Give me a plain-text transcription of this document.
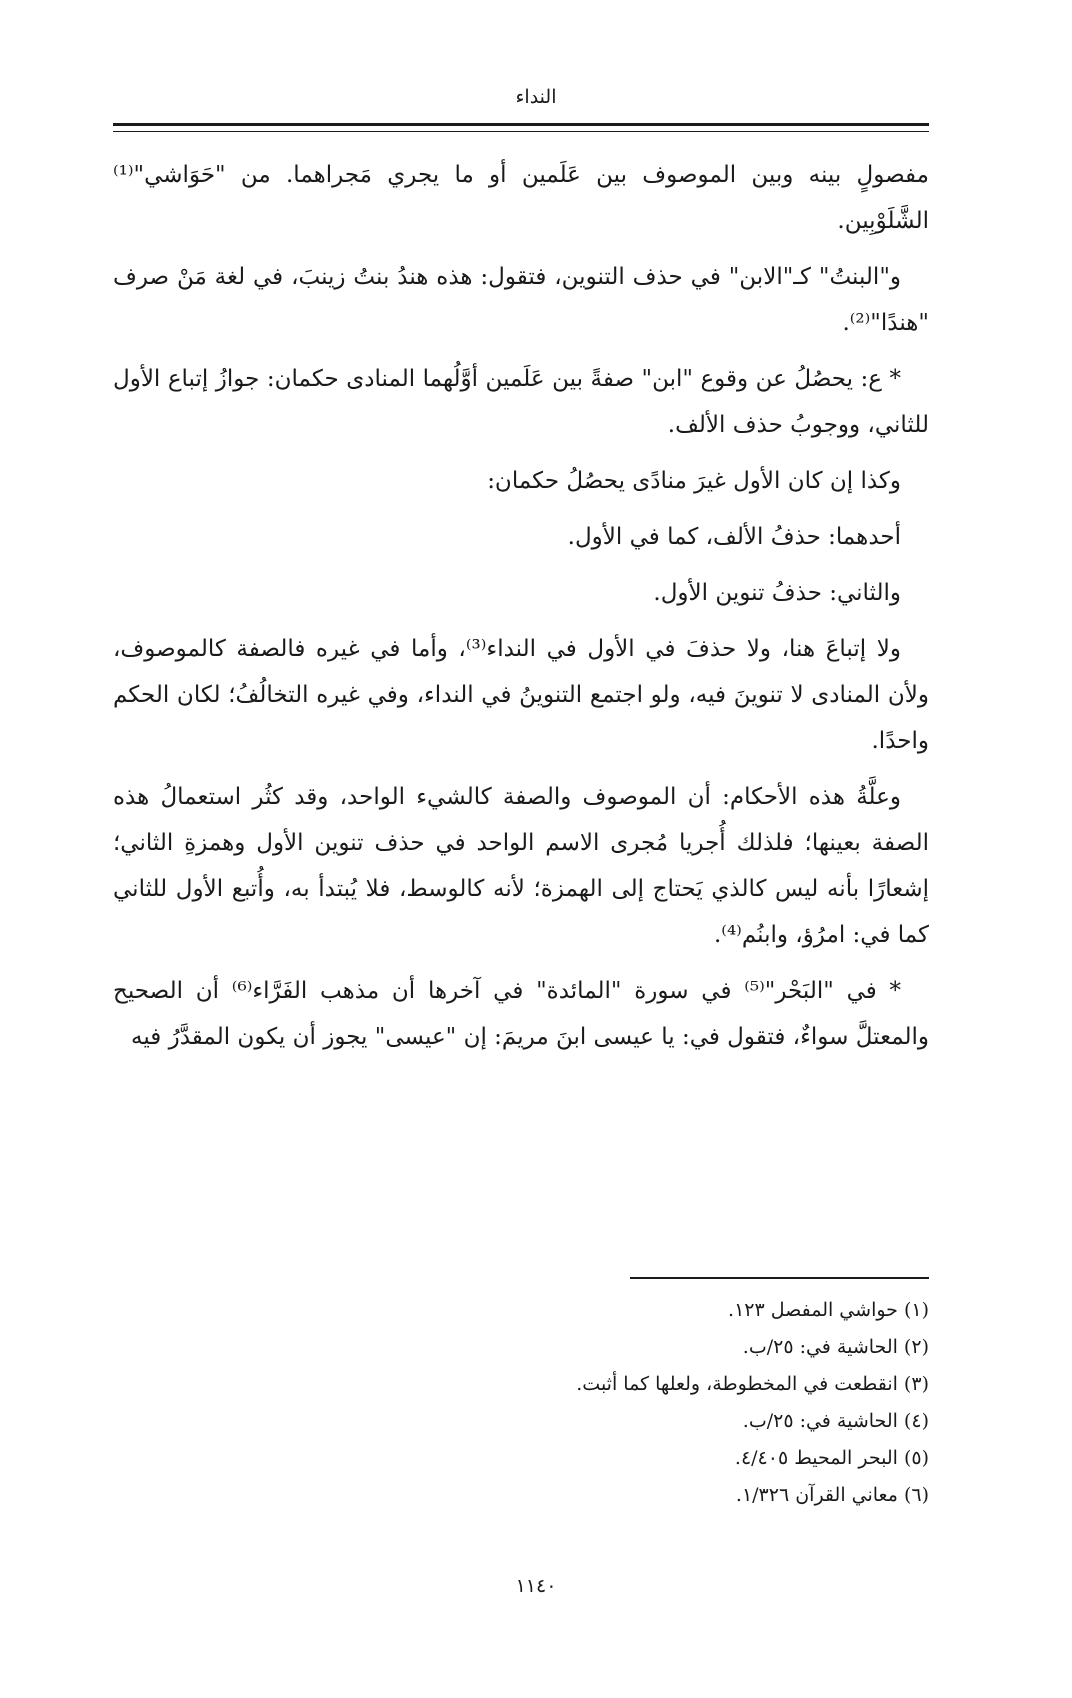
النداء

مفصولٍ بينه وبين الموصوف بين عَلَمين أو ما يجري مَجراهما. من "حَوَاشي"⁽¹⁾ الشَّلَوْبِين.

و"البنتُ" كـ"الابن" في حذف التنوين، فتقول: هذه هندُ بنتُ زينبَ، في لغة مَنْ صرف "هندًا"⁽²⁾.

* ع: يحصُلُ عن وقوع "ابن" صفةً بين عَلَمين أوَّلُهما المنادى حكمان: جوازُ إتباع الأول للثاني، ووجوبُ حذف الألف.

وكذا إن كان الأول غيرَ منادًى يحصُلُ حكمان:

أحدهما: حذفُ الألف، كما في الأول.

والثاني: حذفُ تنوين الأول.

ولا إتباعَ هنا، ولا حذفَ في الأول في النداء⁽³⁾، وأما في غيره فالصفة كالموصوف، ولأن المنادى لا تنوينَ فيه، ولو اجتمع التنوينُ في النداء، وفي غيره التخالُفُ؛ لكان الحكم واحدًا.

وعلَّةُ هذه الأحكام: أن الموصوف والصفة كالشيء الواحد، وقد كثُر استعمالُ هذه الصفة بعينها؛ فلذلك أُجريا مُجرى الاسم الواحد في حذف تنوين الأول وهمزةِ الثاني؛ إشعارًا بأنه ليس كالذي يَحتاج إلى الهمزة؛ لأنه كالوسط، فلا يُبتدأ به، وأُتبع الأول للثاني كما في: امرُؤ، وابنُم⁽⁴⁾.

* في "البَحْر"⁽⁵⁾ في سورة "المائدة" في آخرها أن مذهب الفَرَّاء⁽⁶⁾ أن الصحيح والمعتلَّ سواءٌ، فتقول في: يا عيسى ابنَ مريمَ: إن "عيسى" يجوز أن يكون المقدَّرُ فيه

(١) حواشي المفصل ١٢٣.
(٢) الحاشية في: ٢٥/ب.
(٣) انقطعت في المخطوطة، ولعلها كما أثبت.
(٤) الحاشية في: ٢٥/ب.
(٥) البحر المحيط ٤/٤٠٥.
(٦) معاني القرآن ١/٣٢٦.
١١٤٠
